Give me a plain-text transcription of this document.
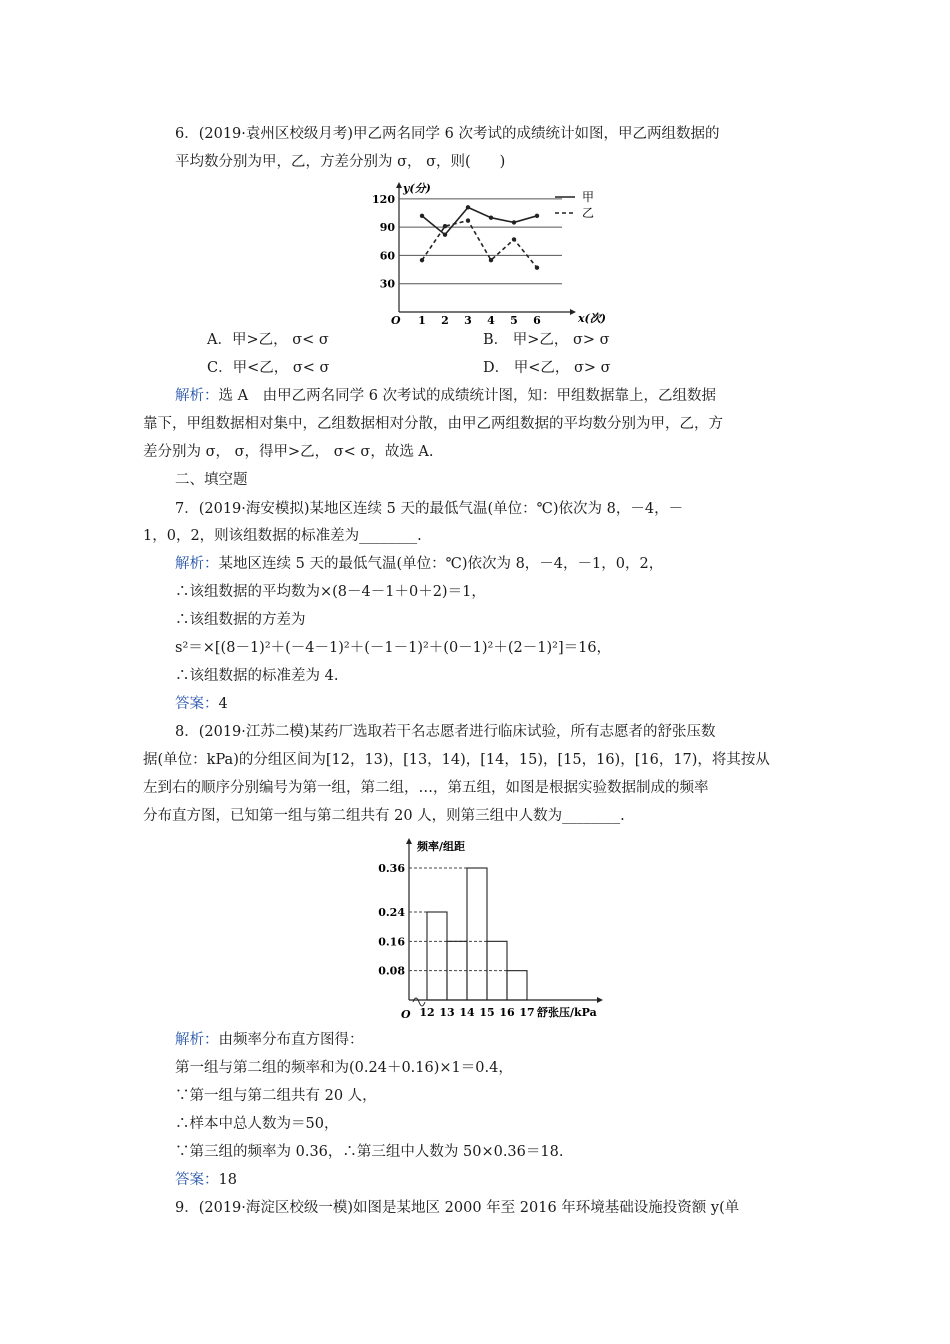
6．(2019·袁州区校级月考)甲乙两名同学 6 次考试的成绩统计如图，甲乙两组数据的
平均数分别为甲，乙，方差分别为 σ， σ，则(　　)
y(分)
x(次)
O
30
60
90
120
1 2 3 4 5 6
甲
乙
A．甲>乙， σ< σ	B． 甲>乙， σ> σ
C．甲<乙， σ< σ	D． 甲<乙， σ> σ
解析：选 A　由甲乙两名同学 6 次考试的成绩统计图，知：甲组数据靠上，乙组数据
靠下，甲组数据相对集中，乙组数据相对分散，由甲乙两组数据的平均数分别为甲，乙，方
差分别为 σ， σ，得甲>乙， σ< σ，故选 A.
二、填空题
7．(2019·海安模拟)某地区连续 5 天的最低气温(单位：℃)依次为 8，－4，－
1，0，2，则该组数据的标准差为________.
解析：某地区连续 5 天的最低气温(单位：℃)依次为 8，－4，－1，0，2，
∴该组数据的平均数为×(8－4－1＋0＋2)＝1，
∴该组数据的方差为
s²＝×[(8－1)²＋(－4－1)²＋(－1－1)²＋(0－1)²＋(2－1)²]＝16，
∴该组数据的标准差为 4.
答案：4
8．(2019·江苏二模)某药厂选取若干名志愿者进行临床试验，所有志愿者的舒张压数
据(单位：kPa)的分组区间为[12，13)，[13，14)，[14，15)，[15，16)，[16，17)，将其按从
左到右的顺序分别编号为第一组，第二组，…，第五组，如图是根据实验数据制成的频率
分布直方图，已知第一组与第二组共有 20 人，则第三组中人数为________.
频率/组距
O
0.08
0.16
0.24
0.36
12 13 14 15 16 17 舒张压/kPa
解析：由频率分布直方图得：
第一组与第二组的频率和为(0.24＋0.16)×1＝0.4，
∵第一组与第二组共有 20 人，
∴样本中总人数为＝50，
∵第三组的频率为 0.36，∴第三组中人数为 50×0.36＝18.
答案：18
9．(2019·海淀区校级一模)如图是某地区 2000 年至 2016 年环境基础设施投资额 y(单
